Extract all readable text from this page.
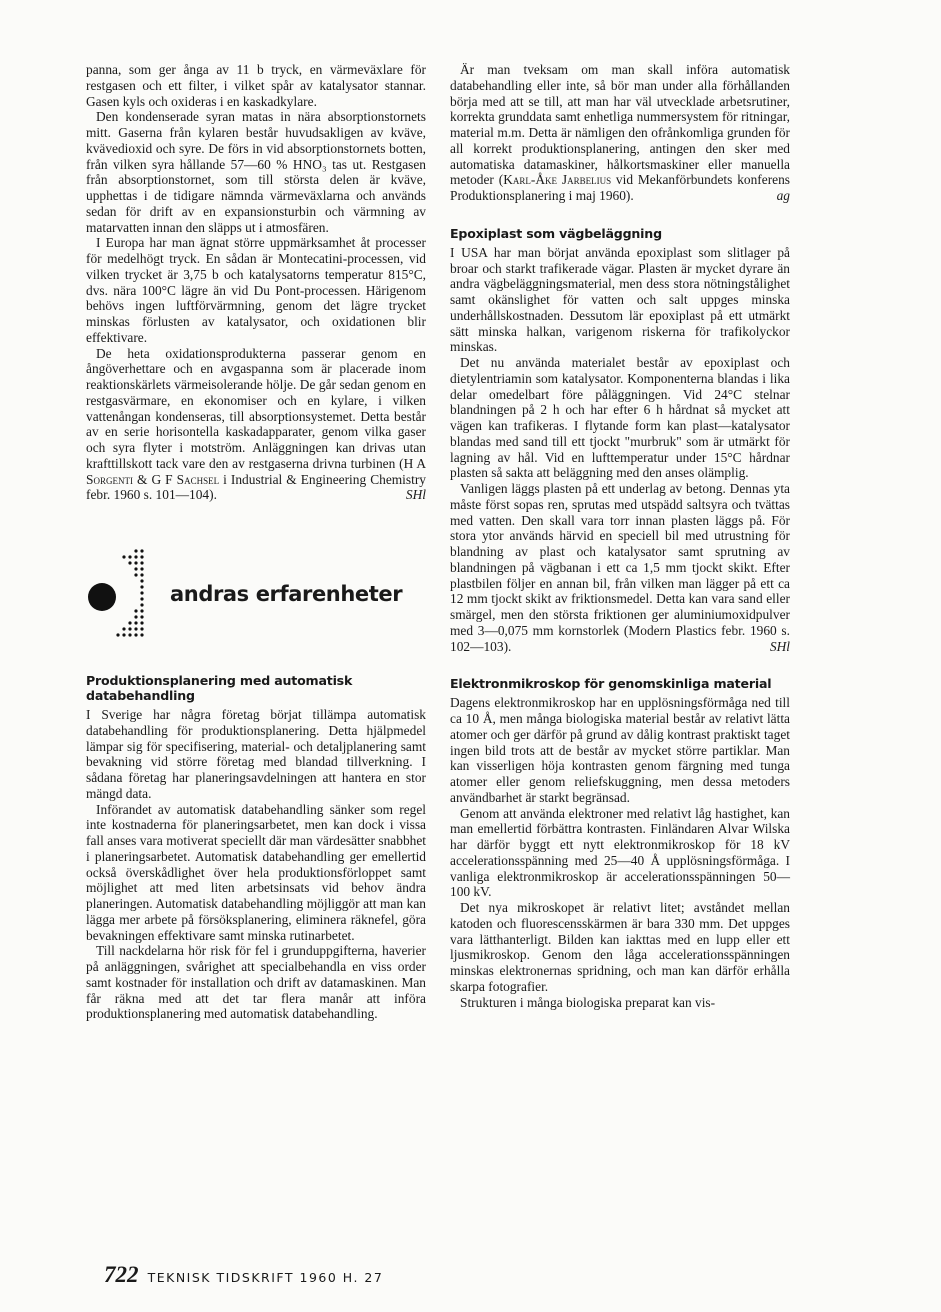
panna, som ger ånga av 11 b tryck, en värmeväxlare för restgasen och ett filter, i vilket spår av katalysator stannar. Gasen kyls och oxideras i en kaskadkylare.

Den kondenserade syran matas in nära absorptionstornets mitt. Gaserna från kylaren består huvudsakligen av kväve, kvävedioxid och syre. De förs in vid absorptionstornets botten, från vilken syra hållande 57—60 % HNO₃ tas ut. Restgasen från absorptionstornet, som till största delen är kväve, upphettas i de tidigare nämnda värmeväxlarna och används sedan för drift av en expansionsturbin och värmning av matarvatten innan den släpps ut i atmosfären.

I Europa har man ägnat större uppmärksamhet åt processer för medelhögt tryck. En sådan är Montecatini-processen, vid vilken trycket är 3,75 b och katalysatorns temperatur 815°C, dvs. nära 100°C lägre än vid Du Pont-processen. Härigenom behövs ingen luftförvärmning, genom det lägre trycket minskas förlusten av katalysator, och oxidationen blir effektivare.

De heta oxidationsprodukterna passerar genom en ångöverhettare och en avgaspanna som är placerade inom reaktionskärlets värmeisolerande hölje. De går sedan genom en restgasvärmare, en ekonomiser och en kylare, i vilken vattenångan kondenseras, till absorptionsystemet. Detta består av en serie horisontella kaskadapparater, genom vilka gaser och syra flyter i motström. Anläggningen kan drivas utan krafttillskott tack vare den av restgaserna drivna turbinen (H A Sorgenti & G F Sachsel i Industrial & Engineering Chemistry febr. 1960 s. 101—104).	SHl

andras erfarenheter
Produktionsplanering med automatisk databehandling

I Sverige har några företag börjat tillämpa automatisk databehandling för produktionsplanering. Detta hjälpmedel lämpar sig för specifisering, material- och detaljplanering samt bevakning vid större företag med blandad tillverkning. I sådana företag har planeringsavdelningen att hantera en stor mängd data.

Införandet av automatisk databehandling sänker som regel inte kostnaderna för planeringsarbetet, men kan dock i vissa fall anses vara motiverat speciellt där man värdesätter snabbhet i planeringsarbetet. Automatisk databehandling ger emellertid också överskådlighet över hela produktionsförloppet samt möjlighet att med liten arbetsinsats vid behov ändra planeringen. Automatisk databehandling möjliggör att man kan lägga mer arbete på försöksplanering, eliminera räknefel, göra bevakningen effektivare samt minska rutinarbetet.

Till nackdelarna hör risk för fel i grunduppgifterna, haverier på anläggningen, svårighet att specialbehandla en viss order samt kostnader för installation och drift av datamaskinen. Man får räkna med att det tar flera manår att införa produktionsplanering med automatisk databehandling.

Är man tveksam om man skall införa automatisk databehandling eller inte, så bör man under alla förhållanden börja med att se till, att man har väl utvecklade arbetsrutiner, korrekta grunddata samt enhetliga nummersystem för ritningar, material m.m. Detta är nämligen den ofrånkomliga grunden för all korrekt produktionsplanering, antingen den sker med automatiska datamaskiner, hålkortsmaskiner eller manuella metoder (Karl-Åke Jarbelius vid Mekanförbundets konferens Produktionsplanering i maj 1960).	ag

Epoxiplast som vägbeläggning

I USA har man börjat använda epoxiplast som slitlager på broar och starkt trafikerade vägar. Plasten är mycket dyrare än andra vägbeläggningsmaterial, men dess stora nötningstålighet samt okänslighet för vatten och salt uppges minska underhållskostnaden. Dessutom lär epoxiplast på ett utmärkt sätt minska halkan, varigenom riskerna för trafikolyckor minskas.

Det nu använda materialet består av epoxiplast och dietylentriamin som katalysator. Komponenterna blandas i lika delar omedelbart före påläggningen. Vid 24°C stelnar blandningen på 2 h och har efter 6 h hårdnat så mycket att vägen kan trafikeras. I flytande form kan plast—katalysator blandas med sand till ett tjockt "murbruk" som är utmärkt för lagning av hål. Vid en lufttemperatur under 15°C hårdnar plasten så sakta att beläggning med den anses olämplig.

Vanligen läggs plasten på ett underlag av betong. Dennas yta måste först sopas ren, sprutas med utspädd saltsyra och tvättas med vatten. Den skall vara torr innan plasten läggs på. För stora ytor används härvid en speciell bil med utrustning för blandning av plast och katalysator samt sprutning av blandningen på vägbanan i ett ca 1,5 mm tjockt skikt. Efter plastbilen följer en annan bil, från vilken man lägger på ett ca 12 mm tjockt skikt av friktionsmedel. Detta kan vara sand eller smärgel, men den största friktionen ger aluminiumoxidpulver med 3—0,075 mm kornstorlek (Modern Plastics febr. 1960 s. 102—103).	SHl

Elektronmikroskop för genomskinliga material

Dagens elektronmikroskop har en upplösningsförmåga ned till ca 10 Å, men många biologiska material består av relativt lätta atomer och ger därför på grund av dålig kontrast praktiskt taget ingen bild trots att de består av mycket större partiklar. Man kan visserligen höja kontrasten genom färgning med tunga atomer eller genom reliefskuggning, men dessa metoders användbarhet är starkt begränsad.

Genom att använda elektroner med relativt låg hastighet, kan man emellertid förbättra kontrasten. Finländaren Alvar Wilska har därför byggt ett nytt elektronmikroskop för 18 kV accelerationsspänning med 25—40 Å upplösningsförmåga. I vanliga elektronmikroskop är accelerationsspänningen 50—100 kV.

Det nya mikroskopet är relativt litet; avståndet mellan katoden och fluorescensskärmen är bara 330 mm. Det uppges vara lätthanterligt. Bilden kan iakttas med en lupp eller ett ljusmikroskop. Genom den låga accelerationsspänningen minskas elektronernas spridning, och man kan därför erhålla skarpa fotografier.

Strukturen i många biologiska preparat kan vis-

722 TEKNISK TIDSKRIFT 1960 H. 27
